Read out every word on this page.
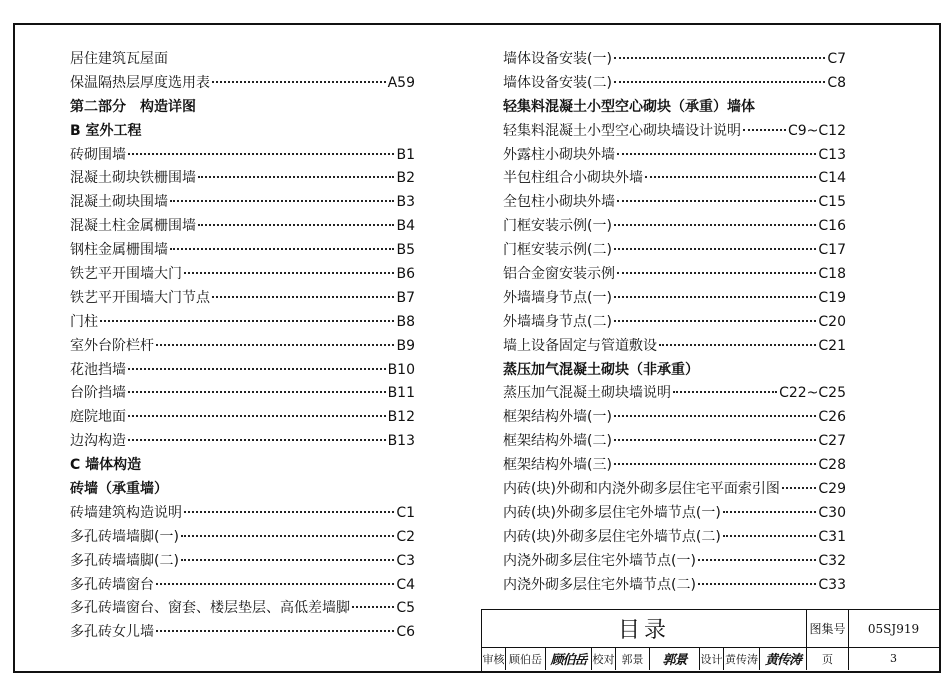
居住建筑瓦屋面
保温隔热层厚度选用表	A59
第二部分　构造详图
B 室外工程
砖砌围墙	B1
混凝土砌块铁栅围墙	B2
混凝土砌块围墙	B3
混凝土柱金属栅围墙	B4
钢柱金属栅围墙	B5
铁艺平开围墙大门	B6
铁艺平开围墙大门节点	B7
门柱	B8
室外台阶栏杆	B9
花池挡墙	B10
台阶挡墙	B11
庭院地面	B12
边沟构造	B13
C 墙体构造
砖墙（承重墙）
砖墙建筑构造说明	C1
多孔砖墙墙脚(一)	C2
多孔砖墙墙脚(二)	C3
多孔砖墙窗台	C4
多孔砖墙窗台、窗套、楼层垫层、高低差墙脚	C5
多孔砖女儿墙	C6
墙体设备安装(一)	C7
墙体设备安装(二)	C8
轻集料混凝土小型空心砌块（承重）墙体
轻集料混凝土小型空心砌块墙设计说明	C9~C12
外露柱小砌块外墙	C13
半包柱组合小砌块外墙	C14
全包柱小砌块外墙	C15
门框安装示例(一)	C16
门框安装示例(二)	C17
铝合金窗安装示例	C18
外墙墙身节点(一)	C19
外墙墙身节点(二)	C20
墙上设备固定与管道敷设	C21
蒸压加气混凝土砌块（非承重）
蒸压加气混凝土砌块墙说明	C22~C25
框架结构外墙(一)	C26
框架结构外墙(二)	C27
框架结构外墙(三)	C28
内砖(块)外砌和内浇外砌多层住宅平面索引图	C29
内砖(块)外砌多层住宅外墙节点(一)	C30
内砖(块)外砌多层住宅外墙节点(二)	C31
内浇外砌多层住宅外墙节点(一)	C32
内浇外砌多层住宅外墙节点(二)	C33
目录	图集号	05SJ919
审核 顾伯岳 顾伯岳 校对 郭景	郭景	设计 黄传涛 黄传涛	页	3
